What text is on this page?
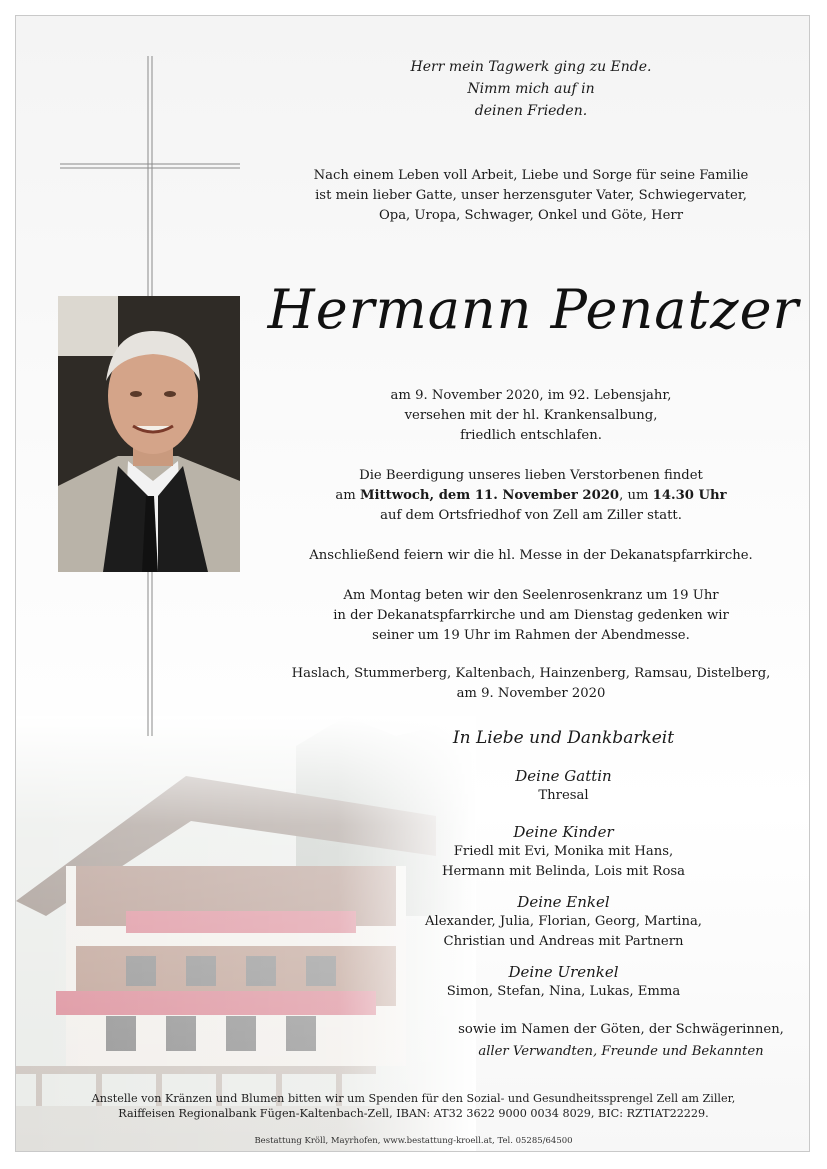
Herr mein Tagwerk ging zu Ende.

Nimm mich auf in

deinen Frieden.

Nach einem Leben voll Arbeit, Liebe und Sorge für seine Familie

ist mein lieber Gatte, unser herzensguter Vater, Schwiegervater,

Opa, Uropa, Schwager, Onkel und Göte, Herr

Hermann Penatzer

am 9. November 2020, im 92. Lebensjahr,

versehen mit der hl. Krankensalbung,

friedlich entschlafen.

Die Beerdigung unseres lieben Verstorbenen findet

am Mittwoch, dem 11. November 2020, um 14.30 Uhr

auf dem Ortsfriedhof von Zell am Ziller statt.

Anschließend feiern wir die hl. Messe in der Dekanatspfarrkirche.

Am Montag beten wir den Seelenrosenkranz um 19 Uhr

in der Dekanatspfarrkirche und am Dienstag gedenken wir

seiner um 19 Uhr im Rahmen der Abendmesse.

Haslach, Stummerberg, Kaltenbach, Hainzenberg, Ramsau, Distelberg,

am 9. November 2020

In Liebe und Dankbarkeit

Deine Gattin

Thresal

Deine Kinder

Friedl mit Evi, Monika mit Hans,

Hermann mit Belinda, Lois mit Rosa

Deine Enkel

Alexander, Julia, Florian, Georg, Martina,

Christian und Andreas mit Partnern

Deine Urenkel

Simon, Stefan, Nina, Lukas, Emma

sowie im Namen der Göten, der Schwägerinnen,

aller Verwandten, Freunde und Bekannten

Anstelle von Kränzen und Blumen bitten wir um Spenden für den Sozial- und Gesundheitssprengel Zell am Ziller,

Raiffeisen Regionalbank Fügen-Kaltenbach-Zell, IBAN: AT32 3622 9000 0034 8029, BIC: RZTIAT22229.

Bestattung Kröll, Mayrhofen, www.bestattung-kroell.at, Tel. 05285/64500
